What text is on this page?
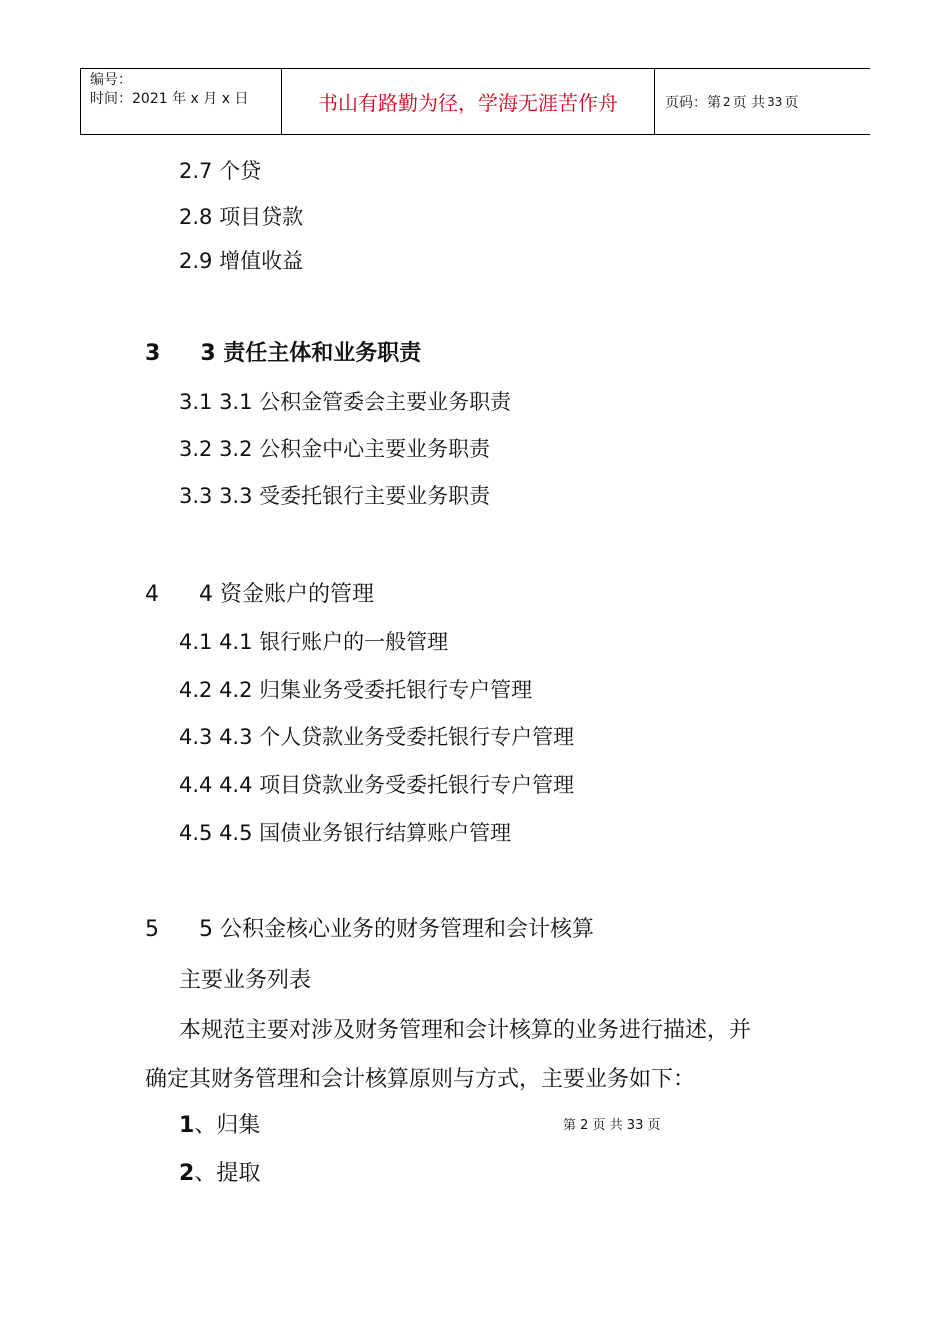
编号：
时间：2021 年 x 月 x 日	书山有路勤为径，学海无涯苦作舟	页码：第 2 页 共 33 页
2.7 个贷
2.8 项目贷款
2.9 增值收益
3 3 责任主体和业务职责
3.1 3.1 公积金管委会主要业务职责
3.2 3.2 公积金中心主要业务职责
3.3 3.3 受委托银行主要业务职责
4 4 资金账户的管理
4.1 4.1 银行账户的一般管理
4.2 4.2 归集业务受委托银行专户管理
4.3 4.3 个人贷款业务受委托银行专户管理
4.4 4.4 项目贷款业务受委托银行专户管理
4.5 4.5 国债业务银行结算账户管理
5 5 公积金核心业务的财务管理和会计核算
主要业务列表
本规范主要对涉及财务管理和会计核算的业务进行描述，并
确定其财务管理和会计核算原则与方式，主要业务如下：
1、归集
2、提取
第 2 页 共 33 页
